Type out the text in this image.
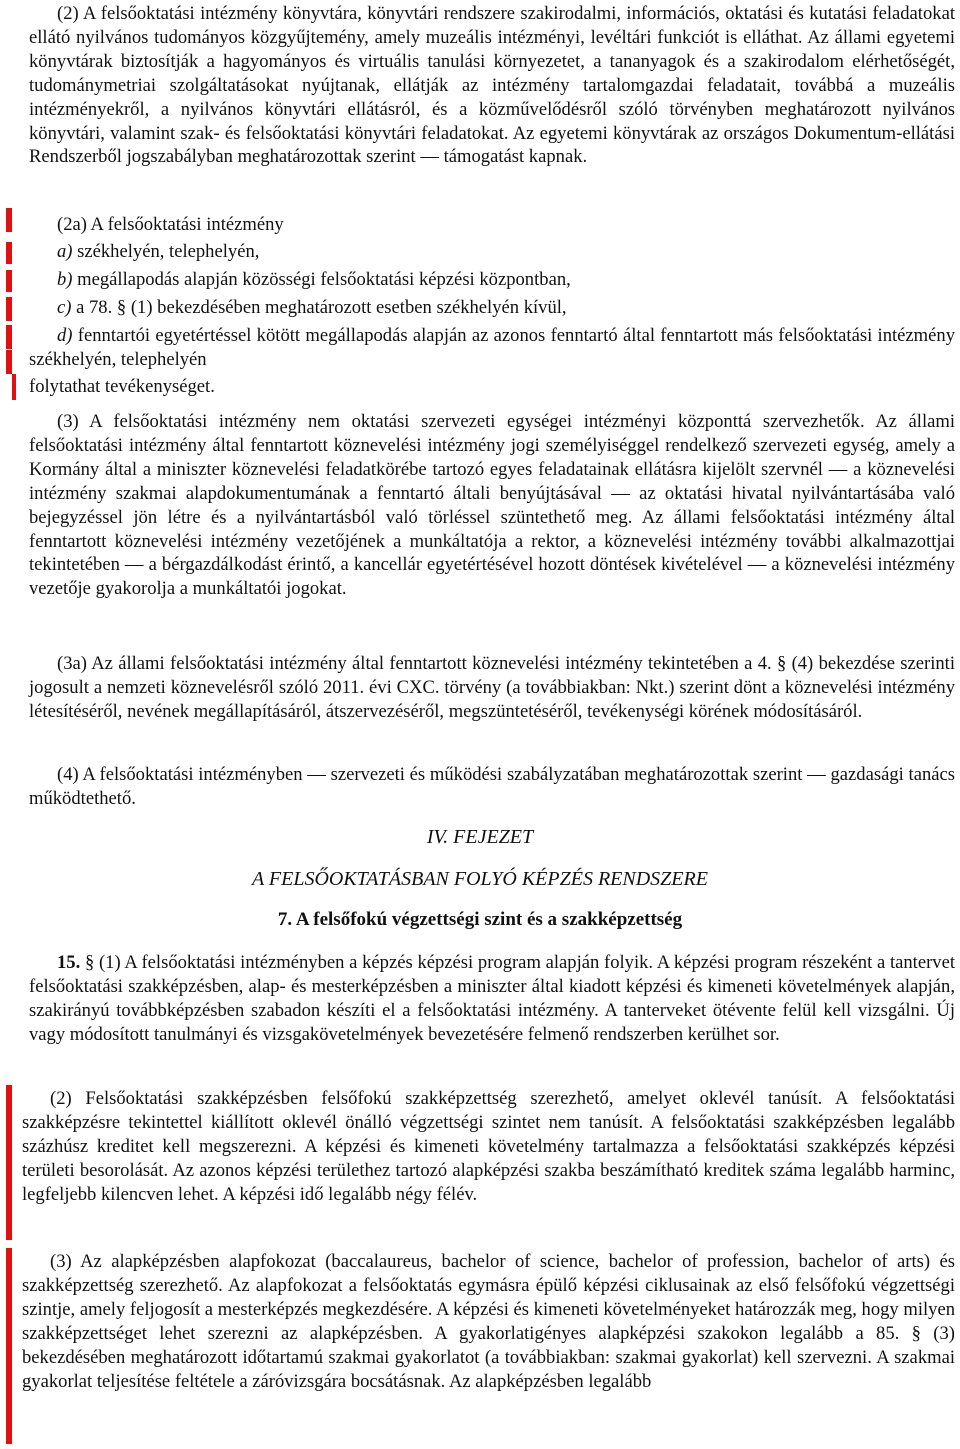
(2) A felsőoktatási intézmény könyvtára, könyvtári rendszere szakirodalmi, információs, oktatási és kutatási feladatokat ellátó nyilvános tudományos közgyűjtemény, amely muzeális intézményi, levéltári funkciót is elláthat. Az állami egyetemi könyvtárak biztosítják a hagyományos és virtuális tanulási környezetet, a tananyagok és a szakirodalom elérhetőségét, tudománymetriai szolgáltatásokat nyújtanak, ellátják az intézmény tartalomgazdai feladatait, továbbá a muzeális intézményekről, a nyilvános könyvtári ellátásról, és a közművelődésről szóló törvényben meghatározott nyilvános könyvtári, valamint szak- és felsőoktatási könyvtári feladatokat. Az egyetemi könyvtárak az országos Dokumentum-ellátási Rendszerből jogszabályban meghatározottak szerint — támogatást kapnak.

(2a) A felsőoktatási intézmény

a) székhelyén, telephelyén,

b) megállapodás alapján közösségi felsőoktatási képzési központban,

c) a 78. § (1) bekezdésében meghatározott esetben székhelyén kívül,

d) fenntartói egyetértéssel kötött megállapodás alapján az azonos fenntartó által fenntartott más felsőoktatási intézmény székhelyén, telephelyén

folytathat tevékenységet.

(3) A felsőoktatási intézmény nem oktatási szervezeti egységei intézményi központtá szervezhetők. Az állami felsőoktatási intézmény által fenntartott köznevelési intézmény jogi személyiséggel rendelkező szervezeti egység, amely a Kormány által a miniszter köznevelési feladatkörébe tartozó egyes feladatainak ellátásra kijelölt szervnél — a köznevelési intézmény szakmai alapdokumentumának a fenntartó általi benyújtásával — az oktatási hivatal nyilvántartásába való bejegyzéssel jön létre és a nyilvántartásból való törléssel szüntethető meg. Az állami felsőoktatási intézmény által fenntartott köznevelési intézmény vezetőjének a munkáltatója a rektor, a köznevelési intézmény további alkalmazottjai tekintetében — a bérgazdálkodást érintő, a kancellár egyetértésével hozott döntések kivételével — a köznevelési intézmény vezetője gyakorolja a munkáltatói jogokat.

(3a) Az állami felsőoktatási intézmény által fenntartott köznevelési intézmény tekintetében a 4. § (4) bekezdése szerinti jogosult a nemzeti köznevelésről szóló 2011. évi CXC. törvény (a továbbiakban: Nkt.) szerint dönt a köznevelési intézmény létesítéséről, nevének megállapításáról, átszervezéséről, megszüntetéséről, tevékenységi körének módosításáról.

(4) A felsőoktatási intézményben — szervezeti és működési szabályzatában meghatározottak szerint — gazdasági tanács működtethető.

IV. FEJEZET
A FELSŐOKTATÁSBAN FOLYÓ KÉPZÉS RENDSZERE
7. A felsőfokú végzettségi szint és a szakképzettség

15. § (1) A felsőoktatási intézményben a képzés képzési program alapján folyik. A képzési program részeként a tantervet felsőoktatási szakképzésben, alap- és mesterképzésben a miniszter által kiadott képzési és kimeneti követelmények alapján, szakirányú továbbképzésben szabadon készíti el a felsőoktatási intézmény. A tanterveket ötévente felül kell vizsgálni. Új vagy módosított tanulmányi és vizsgakövetelmények bevezetésére felmenő rendszerben kerülhet sor.

(2) Felsőoktatási szakképzésben felsőfokú szakképzettség szerezhető, amelyet oklevél tanúsít. A felsőoktatási szakképzésre tekintettel kiállított oklevél önálló végzettségi szintet nem tanúsít. A felsőoktatási szakképzésben legalább százhúsz kreditet kell megszerezni. A képzési és kimeneti követelmény tartalmazza a felsőoktatási szakképzés képzési területi besorolását. Az azonos képzési területhez tartozó alapképzési szakba beszámítható kreditek száma legalább harminc, legfeljebb kilencven lehet. A képzési idő legalább négy félév.

(3) Az alapképzésben alapfokozat (baccalaureus, bachelor of science, bachelor of profession, bachelor of arts) és szakképzettség szerezhető. Az alapfokozat a felsőoktatás egymásra épülő képzési ciklusainak az első felsőfokú végzettségi szintje, amely feljogosít a mesterképzés megkezdésére. A képzési és kimeneti követelményeket határozzák meg, hogy milyen szakképzettséget lehet szerezni az alapképzésben. A gyakorlatigényes alapképzési szakokon legalább a 85. § (3) bekezdésében meghatározott időtartamú szakmai gyakorlatot (a továbbiakban: szakmai gyakorlat) kell szervezni. A szakmai gyakorlat teljesítése feltétele a záróvizsgára bocsátásnak. Az alapképzésben legalább
